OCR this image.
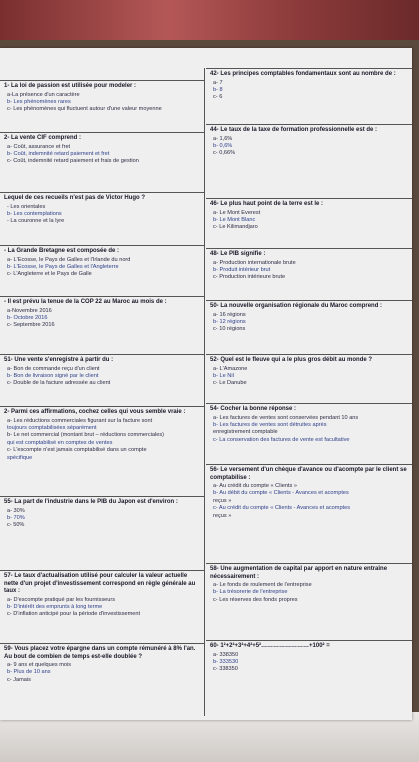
1- La loi de passion est utilisée pour modeler :
a-La présence d'un caractère
b- Les phénomènes rares
c- Les phénomènes qui fluctuent autour d'une valeur moyenne
2- La vente CIF comprend :
a- Coût, assurance et fret
b- Coût, indemnité retard paiement et fret
c- Coût, indemnité retard paiement et frais de gestion
Lequel de ces recueils n'est pas de Victor Hugo ?
- Les orientales
b- Les contemplations
- La couronne et la lyre
- La Grande Bretagne est composée de :
a- L'Ecosse, le Pays de Galles et l'Irlande du nord
b- L'Ecosse, le Pays de Galles et l'Angleterre
c- L'Angleterre et le Pays de Galle
- Il est prévu la tenue de la COP 22 au Maroc au mois de :
a-Novembre 2016
b- Octobre 2016
c- Septembre 2016
51- Une vente s'enregistre à partir du :
a- Bon de commande reçu d'un client
b- Bon de livraison signé par le client
c- Double de la facture adressée au client
2- Parmi ces affirmations, cochez celles qui vous semble vraie :
a- Les réductions commerciales figurant sur la facture sont
toujours comptabilisées séparément
b- Le net commercial (montant brut – réductions commerciales)
qui est comptabilisé en comptes de ventes
c- L'escompte n'est jamais comptabilisé dans un compte
spécifique
55- La part de l'industrie dans le PIB du Japon est d'environ :
a- 30%
b- 70%
c- 50%
57- Le taux d'actualisation utilisé pour calculer la valeur actuelle nette d'un projet d'investissement correspond en règle générale au taux :
a- D'escompte pratiqué par les fournisseurs
b- D'intérêt des emprunts à long terme
c- D'inflation anticipé pour la période d'investissement
59- Vous placez votre épargne dans un compte rémunéré à 8% l'an. Au bout de combien de temps est-elle doublée ?
a- 9 ans et quelques mois
b- Plus de 10 ans
c- Jamais
42- Les principes comptables fondamentaux sont au nombre de :
a- 7
b- 8
c- 6
44- Le taux de la taxe de formation professionnelle est de :
a- 1,6%
b- 0,6%
c- 0,66%
46- Le plus haut point de la terre est le :
a- Le Mont Everest
b- Le Mont Blanc
c- Le Kilimandjaro
48- Le PIB signifie :
a- Production internationale brute
b- Produit intérieur brut
c- Production intérieure brute
50- La nouvelle organisation régionale du Maroc comprend :
a- 16 régions
b- 12 régions
c- 10 régions
52- Quel est le fleuve qui a le plus gros débit au monde ?
a- L'Amazone
b- Le Nil
c- Le Danube
54- Cocher la bonne réponse :
a- Les factures de ventes sont conservées pendant 10 ans
b- Les factures de ventes sont détruites après
enregistrement comptable
c- La conservation des factures de vente est facultative
56- Le versement d'un chèque d'avance ou d'acompte par le client se comptabilise :
a- Au crédit du compte « Clients »
b- Au débit du compte « Clients - Avances et acomptes
reçus »
c- Au crédit du compte « Clients - Avances et acomptes
reçus »
58- Une augmentation de capital par apport en nature entraîne nécessairement :
a- Le fonds de roulement de l'entreprise
b- La trésorerie de l'entreprise
c- Les réserves des fonds propres
60- 1²+2²+3²+4²+5²……………………+100² =
a- 338350
b- 333530
c- 338350
